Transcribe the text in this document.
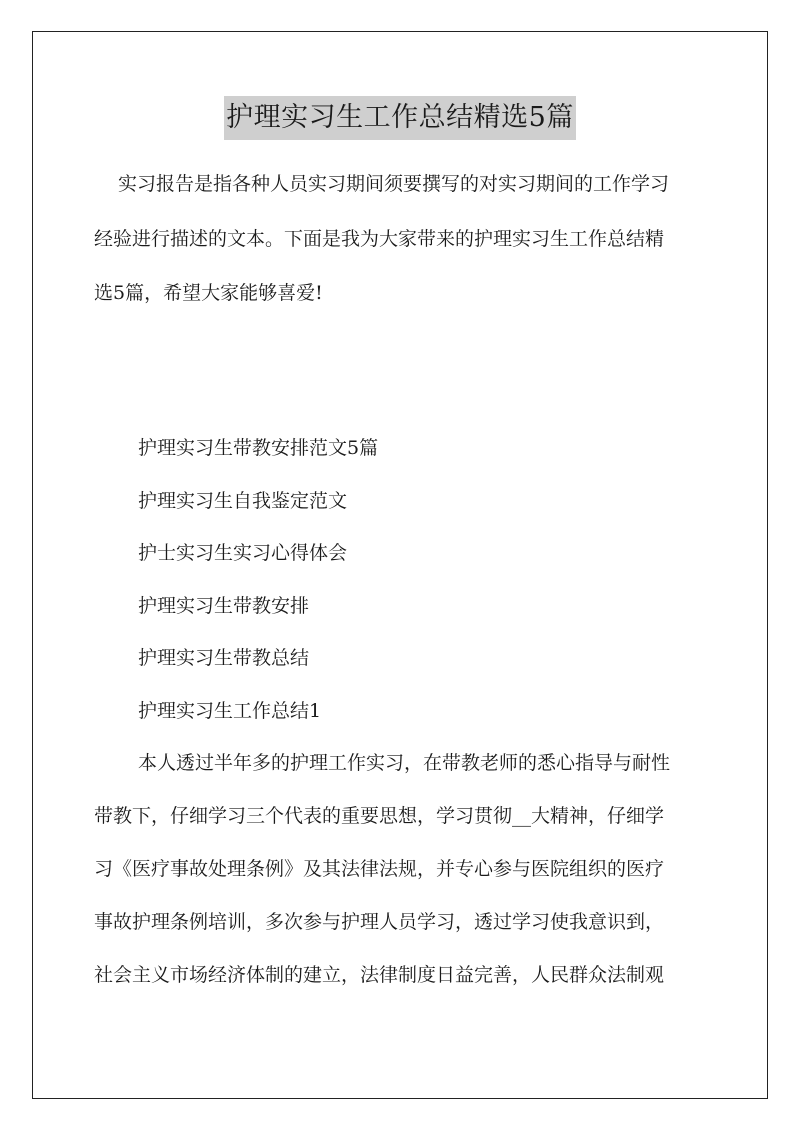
护理实习生工作总结精选5篇
实习报告是指各种人员实习期间须要撰写的对实习期间的工作学习
经验进行描述的文本。下面是我为大家带来的护理实习生工作总结精
选5篇，希望大家能够喜爱!
护理实习生带教安排范文5篇
护理实习生自我鉴定范文
护士实习生实习心得体会
护理实习生带教安排
护理实习生带教总结
护理实习生工作总结1
本人透过半年多的护理工作实习，在带教老师的悉心指导与耐性
带教下，仔细学习三个代表的重要思想，学习贯彻__大精神，仔细学
习《医疗事故处理条例》及其法律法规，并专心参与医院组织的医疗
事故护理条例培训，多次参与护理人员学习，透过学习使我意识到，
社会主义市场经济体制的建立，法律制度日益完善，人民群众法制观
